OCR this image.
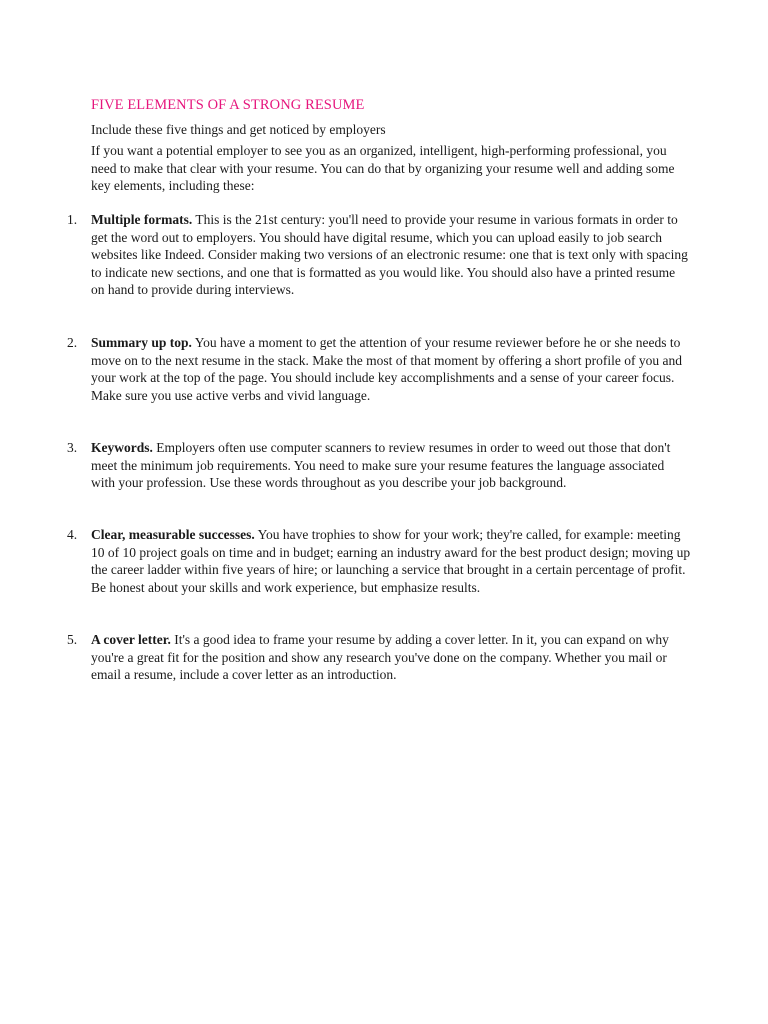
FIVE ELEMENTS OF A STRONG RESUME

Include these five things and get noticed by employers

If you want a potential employer to see you as an organized, intelligent, high-performing professional, you need to make that clear with your resume. You can do that by organizing your resume well and adding some key elements, including these:

1. Multiple formats. This is the 21st century: you'll need to provide your resume in various formats in order to get the word out to employers. You should have digital resume, which you can upload easily to job search websites like Indeed. Consider making two versions of an electronic resume: one that is text only with spacing to indicate new sections, and one that is formatted as you would like. You should also have a printed resume on hand to provide during interviews.
2. Summary up top. You have a moment to get the attention of your resume reviewer before he or she needs to move on to the next resume in the stack. Make the most of that moment by offering a short profile of you and your work at the top of the page. You should include key accomplishments and a sense of your career focus. Make sure you use active verbs and vivid language.
3. Keywords. Employers often use computer scanners to review resumes in order to weed out those that don't meet the minimum job requirements. You need to make sure your resume features the language associated with your profession. Use these words throughout as you describe your job background.
4. Clear, measurable successes. You have trophies to show for your work; they're called, for example: meeting 10 of 10 project goals on time and in budget; earning an industry award for the best product design; moving up the career ladder within five years of hire; or launching a service that brought in a certain percentage of profit. Be honest about your skills and work experience, but emphasize results.
5. A cover letter. It's a good idea to frame your resume by adding a cover letter. In it, you can expand on why you're a great fit for the position and show any research you've done on the company. Whether you mail or email a resume, include a cover letter as an introduction.
